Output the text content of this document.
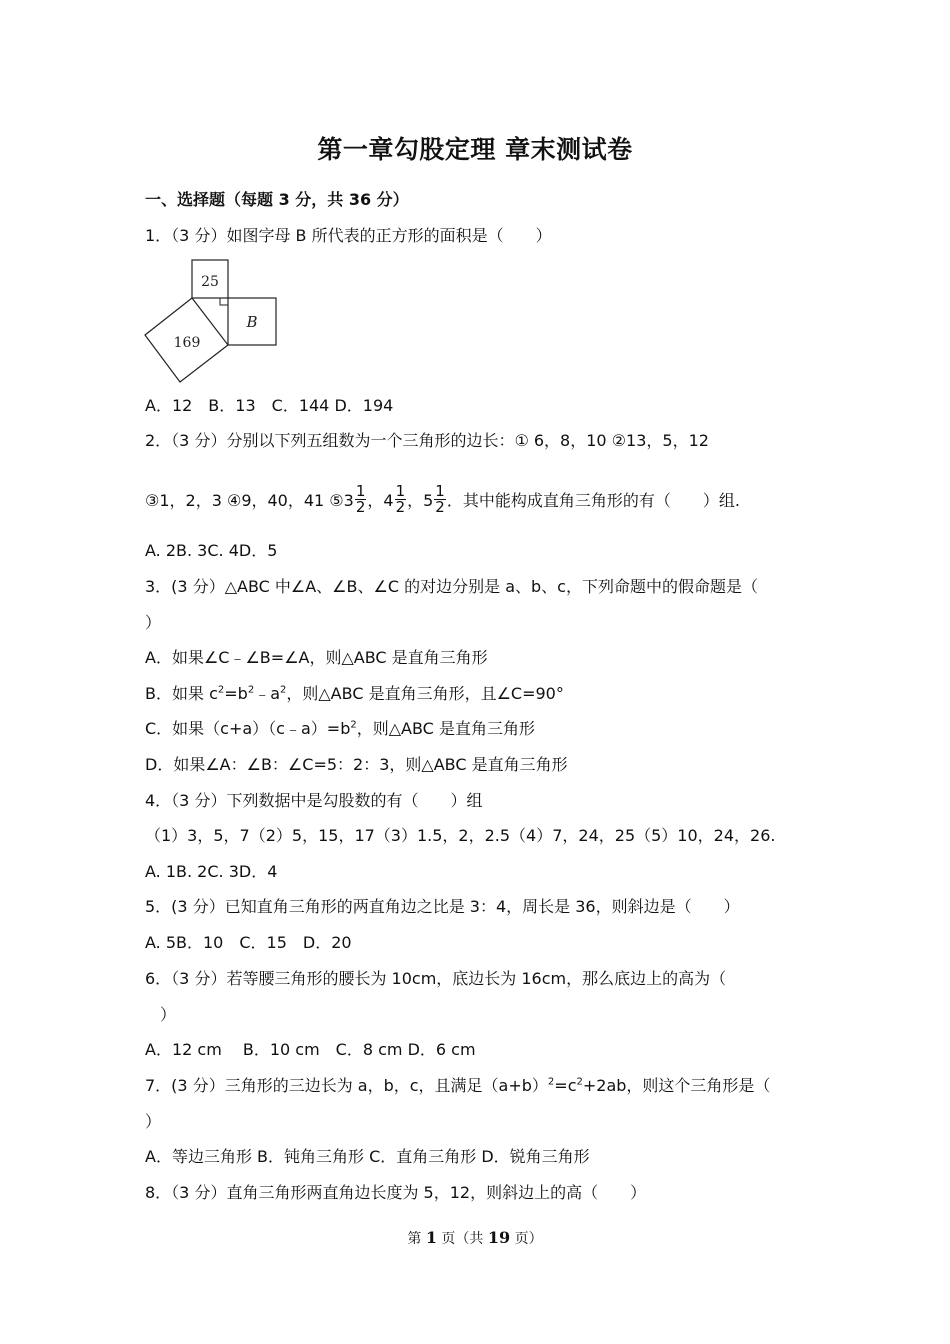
第一章勾股定理 章末测试卷
一、选择题（每题 3 分，共 36 分）
1．（3 分）如图字母 B 所代表的正方形的面积是（　　）
25
B
169
A．12　B．13　C．144 D．194
2．（3 分）分别以下列五组数为一个三角形的边长：① 6，8，10 ②13，5，12
③1，2，3 ④9，40，41 ⑤3 $\frac{1}{2}$ ，$4 \frac{1}{2}$ ，$5 \frac{1}{2}$ ．其中能构成直角三角形的有（　　）组.
A. 2B. 3C. 4D．5
3．(3 分）△ABC 中∠A、∠B、∠C 的对边分别是 a、b、c，下列命题中的假命题是（
）
A．如果∠C﹣∠B=∠A，则△ABC 是直角三角形
B．如果 $c^2=b^2﹣a^2$，则△ABC 是直角三角形，且∠C=90°
C．如果$(c+a)(c﹣a)=b^2$，则△ABC 是直角三角形
D．如果∠A：∠B：∠C=5：2：3，则△ABC 是直角三角形
4．（3 分）下列数据中是勾股数的有（　　）组
（1）3，5，7（2）5，15，17（3）1.5，2，2.5（4）7，24，25（5）10，24，26.
A. 1B. 2C. 3D．4
5．(3 分）已知直角三角形的两直角边之比是 3：4，周长是 36，则斜边是（　　）
A. 5B．10　C．15　D．20
6．（3 分）若等腰三角形的腰长为 10cm，底边长为 16cm，那么底边上的高为（
）
A．12 cm　 B．10 cm　C．8 cm D．6 cm
7．(3 分）三角形的三边长为 a，b，c，且满足$(a+b)^2=c^2+2ab$，则这个三角形是（
）
A．等边三角形 B．钝角三角形 C．直角三角形 D．锐角三角形
8．（3 分）直角三角形两直角边长度为 5，12，则斜边上的高（　　）
第 1 页（共 19 页）
